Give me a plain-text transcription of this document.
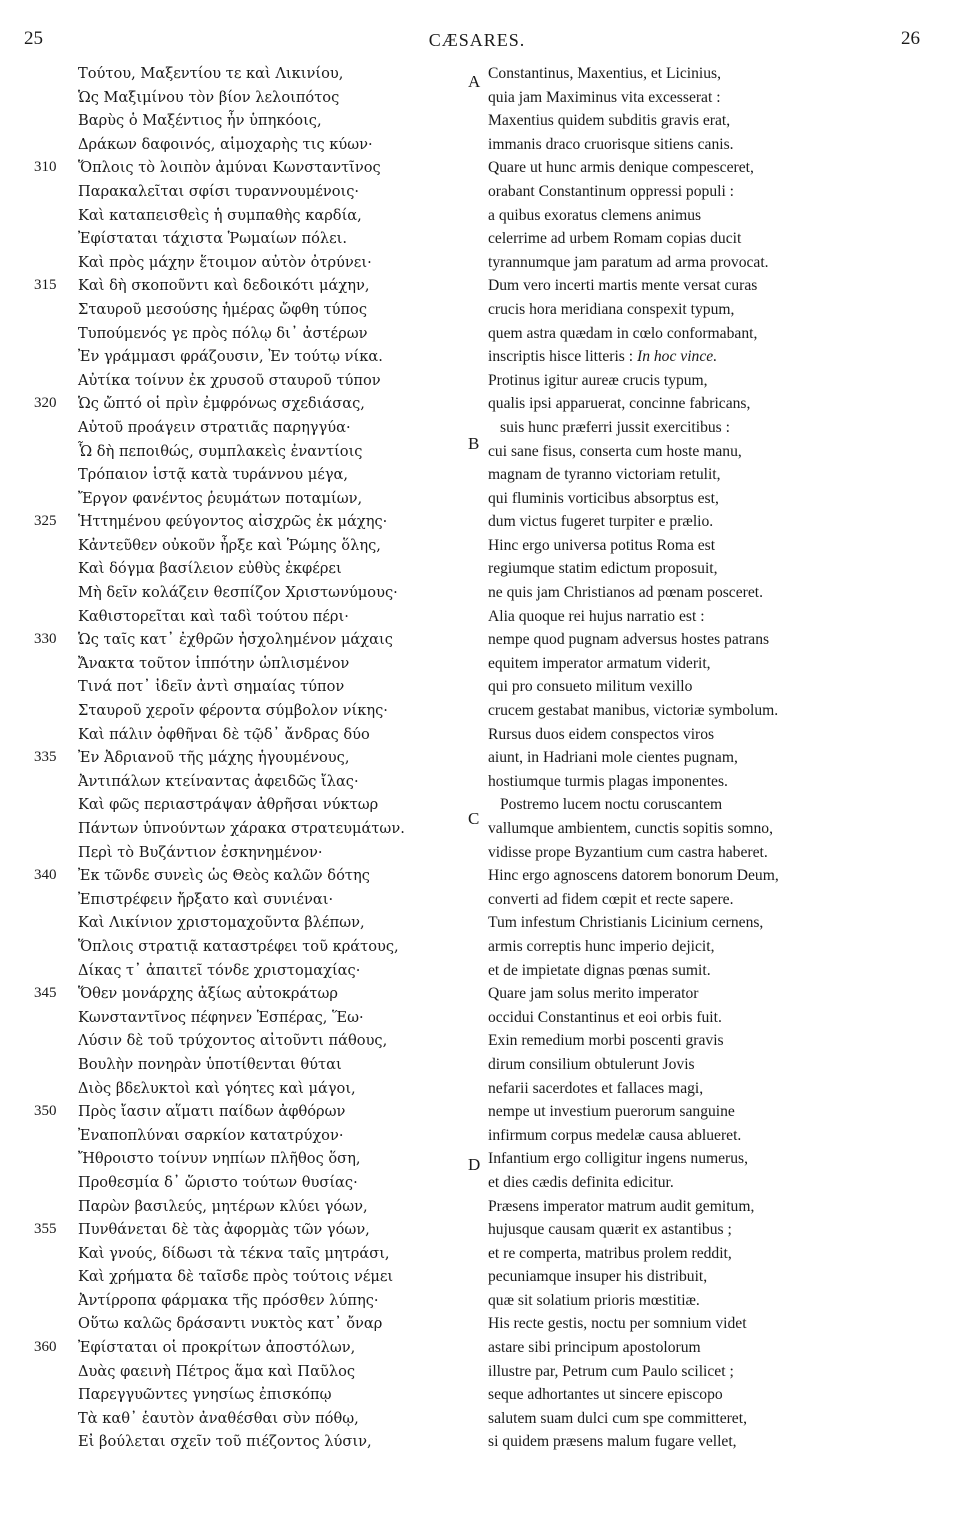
25	CÆSARES.	26
Τούτου, Μαξεντίου τε καὶ Λικινίου,
Ὡς Μαξιμίνου τὸν βίον λελοιπότος
Βαρὺς ὁ Μαξέντιος ἦν ὑπηκόοις,
Δράκων δαφοινός, αἱμοχαρὴς τις κύων·
310	Ὅπλοις τὸ λοιπὸν ἀμύναι Κωνσταντῖνος
Παρακαλεῖται σφίσι τυραννουμένοις·
Καὶ καταπεισθεὶς ἡ συμπαθὴς καρδία,
Ἐφίσταται τάχιστα Ῥωμαίων πόλει.
Καὶ πρὸς μάχην ἕτοιμον αὐτὸν ὀτρύνει·
315	Καὶ δὴ σκοποῦντι καὶ δεδοικότι μάχην,
Σταυροῦ μεσούσης ἡμέρας ὤφθη τύπος
Τυπούμενός γε πρὸς πόλῳ δι᾽ ἀστέρων
Ἐν γράμμασι φράζουσιν, Ἐν τούτῳ νίκα.
Αὐτίκα τοίνυν ἐκ χρυσοῦ σταυροῦ τύπον
320	Ὡς ὤπτό οἱ πρὶν ἐμφρόνως σχεδιάσας,
Αὐτοῦ προάγειν στρατιᾶς παρηγγύα·
Ὧ δὴ πεποιθώς, συμπλακεὶς ἐναντίοις
Τρόπαιον ἱστᾷ κατὰ τυράννου μέγα,
Ἔργον φανέντος ῥευμάτων ποταμίων,
325	Ἡττημένου φεύγοντος αἰσχρῶς ἐκ μάχης·
Κἀντεῦθεν οὐκοῦν ἦρξε καὶ Ῥώμης ὅλης,
Καὶ δόγμα βασίλειον εὐθὺς ἐκφέρει
Μὴ δεῖν κολάζειν θεσπίζον Χριστωνύμους·
Καθιστορεῖται καὶ ταδὶ τούτου πέρι·
330	Ὡς ταῖς κατ᾽ ἐχθρῶν ἠσχολημένον μάχαις
Ἄνακτα τοῦτον ἱππότην ὡπλισμένον
Τινά ποτ᾽ ἰδεῖν ἀντὶ σημαίας τύπον
Σταυροῦ χεροῖν φέροντα σύμβολον νίκης·
Καὶ πάλιν ὀφθῆναι δὲ τῷδ᾽ ἄνδρας δύο
335	Ἐν Ἀδριανοῦ τῆς μάχης ἡγουμένους,
Ἀντιπάλων κτείναντας ἀφειδῶς ἴλας·
Καὶ φῶς περιαστράψαν ἀθρῆσαι νύκτωρ
Πάντων ὑπνούντων χάρακα στρατευμάτων.
Περὶ τὸ Βυζάντιον ἐσκηνημένον·
340	Ἐκ τῶνδε συνεὶς ὡς Θεὸς καλῶν δότης
Ἐπιστρέφειν ἤρξατο καὶ συνιέναι·
Καὶ Λικίνιον χριστομαχοῦντα βλέπων,
Ὅπλοις στρατιᾷ καταστρέφει τοῦ κράτους,
Δίκας τ᾽ ἀπαιτεῖ τόνδε χριστομαχίας·
345	Ὅθεν μονάρχης ἀξίως αὐτοκράτωρ
Κωνσταντῖνος πέφηνεν Ἑσπέρας, Ἕω·
Λύσιν δὲ τοῦ τρύχοντος αἰτοῦντι πάθους,
Βουλὴν πονηρὰν ὑποτίθενται θύται
Διὸς βδελυκτοὶ καὶ γόητες καὶ μάγοι,
350	Πρὸς ἴασιν αἵματι παίδων ἀφθόρων
Ἐναποπλύναι σαρκίον κατατρύχον·
Ἤθροιστο τοίνυν νηπίων πλῆθος ὅση,
Προθεσμία δ᾽ ὥριστο τούτων θυσίας·
Παρὼν βασιλεύς, μητέρων κλύει γόων,
355	Πυνθάνεται δὲ τὰς ἀφορμὰς τῶν γόων,
Καὶ γνούς, δίδωσι τὰ τέκνα ταῖς μητράσι,
Καὶ χρήματα δὲ ταῖσδε πρὸς τούτοις νέμει
Ἀντίρροπα φάρμακα τῆς πρόσθεν λύπης·
Οὕτω καλῶς δράσαντι νυκτὸς κατ᾽ ὄναρ
360	Ἐφίσταται οἱ προκρίτων ἀποστόλων,
Δυὰς φαεινὴ Πέτρος ἅμα καὶ Παῦλος
Παρεγγυῶντες γνησίως ἐπισκόπῳ
Τὰ καθ᾽ ἑαυτὸν ἀναθέσθαι σὺν πόθῳ,
Εἰ βούλεται σχεῖν τοῦ πιέζοντος λύσιν,
Constantinus, Maxentius, et Licinius,
A
quia jam Maximinus vita excesserat :
Maxentius quidem subditis gravis erat,
immanis draco cruorisque sitiens canis.
Quare ut hunc armis denique compesceret,
orabant Constantinum oppressi populi :
a quibus exoratus clemens animus
celerrime ad urbem Romam copias ducit
tyrannumque jam paratum ad arma provocat.
Dum vero incerti martis mente versat curas
crucis hora meridiana conspexit typum,
quem astra quædam in cœlo conformabant,
inscriptis hisce litteris : In hoc vince.
Protinus igitur aureæ crucis typum,
qualis ipsi apparuerat, concinne fabricans,
suis hunc præferri jussit exercitibus :
B cui sane fisus, conserta cum hoste manu,
magnam de tyranno victoriam retulit,
qui fluminis vorticibus absorptus est,
dum victus fugeret turpiter e prælio.
Hinc ergo universa potitus Roma est
regiumque statim edictum proposuit,
ne quis jam Christianos ad pœnam posceret.
Alia quoque rei hujus narratio est :
nempe quod pugnam adversus hostes patrans
equitem imperator armatum viderit,
qui pro consueto militum vexillo
crucem gestabat manibus, victoriæ symbolum.
Rursus duos eidem conspectos viros
aiunt, in Hadriani mole cientes pugnam,
hostiumque turmis plagas imponentes.
Postremo lucem noctu coruscantem
C
vallumque ambientem, cunctis sopitis somno,
vidisse prope Byzantium cum castra haberet.
Hinc ergo agnoscens datorem bonorum Deum,
converti ad fidem cœpit et recte sapere.
Tum infestum Christianis Licinium cernens,
armis correptis hunc imperio dejicit,
et de impietate dignas pœnas sumit.
Quare jam solus merito imperator
occidui Constantinus et eoi orbis fuit.
Exin remedium morbi poscenti gravis
dirum consilium obtulerunt Jovis
nefarii sacerdotes et fallaces magi,
nempe ut investium puerorum sanguine
infirmum corpus medelæ causa ablueret.
Infantium ergo colligitur ingens numerus,
D
et dies cædis definita edicitur.
Præsens imperator matrum audit gemitum,
hujusque causam quærit ex astantibus ;
et re comperta, matribus prolem reddit,
pecuniamque insuper his distribuit,
quæ sit solatium prioris mœstitiæ.
His recte gestis, noctu per somnium videt
astare sibi principum apostolorum
illustre par, Petrum cum Paulo scilicet ;
seque adhortantes ut sincere episcopo
salutem suam dulci cum spe committeret,
si quidem præsens malum fugare vellet,
